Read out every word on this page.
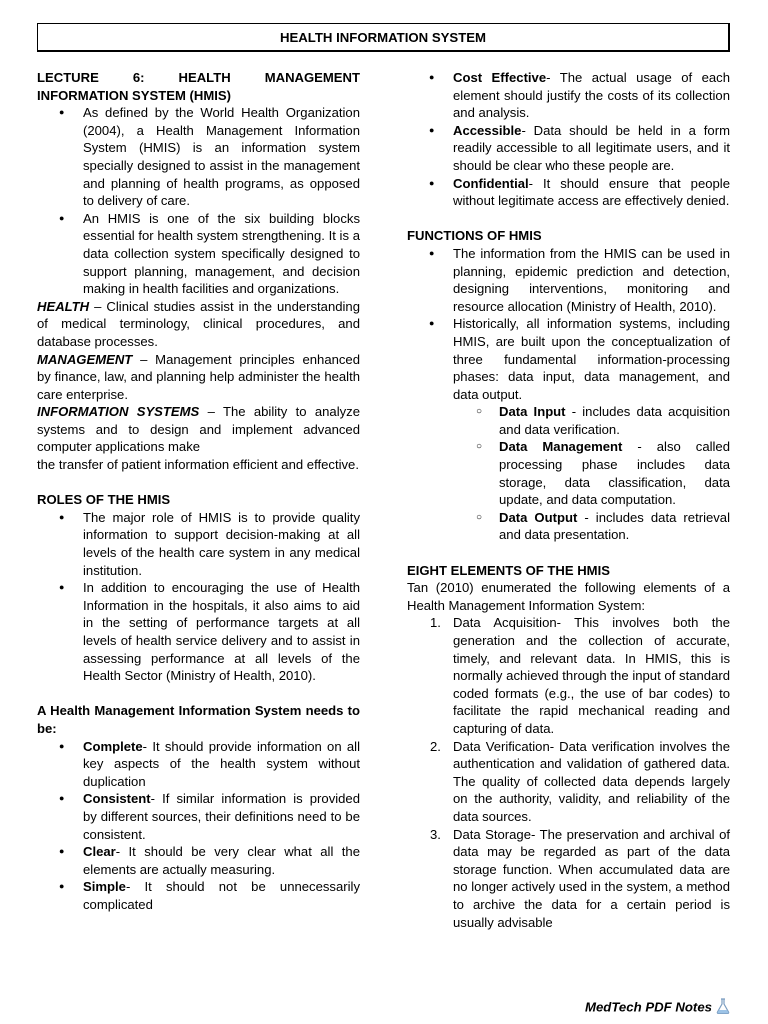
HEALTH INFORMATION SYSTEM

LECTURE 6: HEALTH MANAGEMENT INFORMATION SYSTEM (HMIS)

● As defined by the World Health Organization (2004), a Health Management Information System (HMIS) is an information system specially designed to assist in the management and planning of health programs, as opposed to delivery of care.
● An HMIS is one of the six building blocks essential for health system strengthening. It is a data collection system specifically designed to support planning, management, and decision making in health facilities and organizations.

HEALTH – Clinical studies assist in the understanding of medical terminology, clinical procedures, and database processes.

MANAGEMENT – Management principles enhanced by finance, law, and planning help administer the health care enterprise.

INFORMATION SYSTEMS – The ability to analyze systems and to design and implement advanced computer applications make

the transfer of patient information efficient and effective.

ROLES OF THE HMIS

● The major role of HMIS is to provide quality information to support decision-making at all levels of the health care system in any medical institution.
● In addition to encouraging the use of Health Information in the hospitals, it also aims to aid in the setting of performance targets at all levels of health service delivery and to assist in assessing performance at all levels of the Health Sector (Ministry of Health, 2010).

A Health Management Information System needs to be:

● Complete- It should provide information on all key aspects of the health system without duplication
● Consistent- If similar information is provided by different sources, their definitions need to be consistent.
● Clear- It should be very clear what all the elements are actually measuring.
● Simple- It should not be unnecessarily complicated
● Cost Effective- The actual usage of each element should justify the costs of its collection and analysis.
● Accessible- Data should be held in a form readily accessible to all legitimate users, and it should be clear who these people are.
● Confidential- It should ensure that people without legitimate access are effectively denied.

FUNCTIONS OF HMIS

● The information from the HMIS can be used in planning, epidemic prediction and detection, designing interventions, monitoring and resource allocation (Ministry of Health, 2010).
● Historically, all information systems, including HMIS, are built upon the conceptualization of three fundamental information-processing phases: data input, data management, and data output.
○ Data Input - includes data acquisition and data verification.
○ Data Management - also called processing phase includes data storage, data classification, data update, and data computation.
○ Data Output - includes data retrieval and data presentation.

EIGHT ELEMENTS OF THE HMIS

Tan (2010) enumerated the following elements of a Health Management Information System:

1. Data Acquisition- This involves both the generation and the collection of accurate, timely, and relevant data. In HMIS, this is normally achieved through the input of standard coded formats (e.g., the use of bar codes) to facilitate the rapid mechanical reading and capturing of data.
2. Data Verification- Data verification involves the authentication and validation of gathered data. The quality of collected data depends largely on the authority, validity, and reliability of the data sources.
3. Data Storage- The preservation and archival of data may be regarded as part of the data storage function. When accumulated data are no longer actively used in the system, a method to archive the data for a certain period is usually advisable
MedTech PDF Notes
